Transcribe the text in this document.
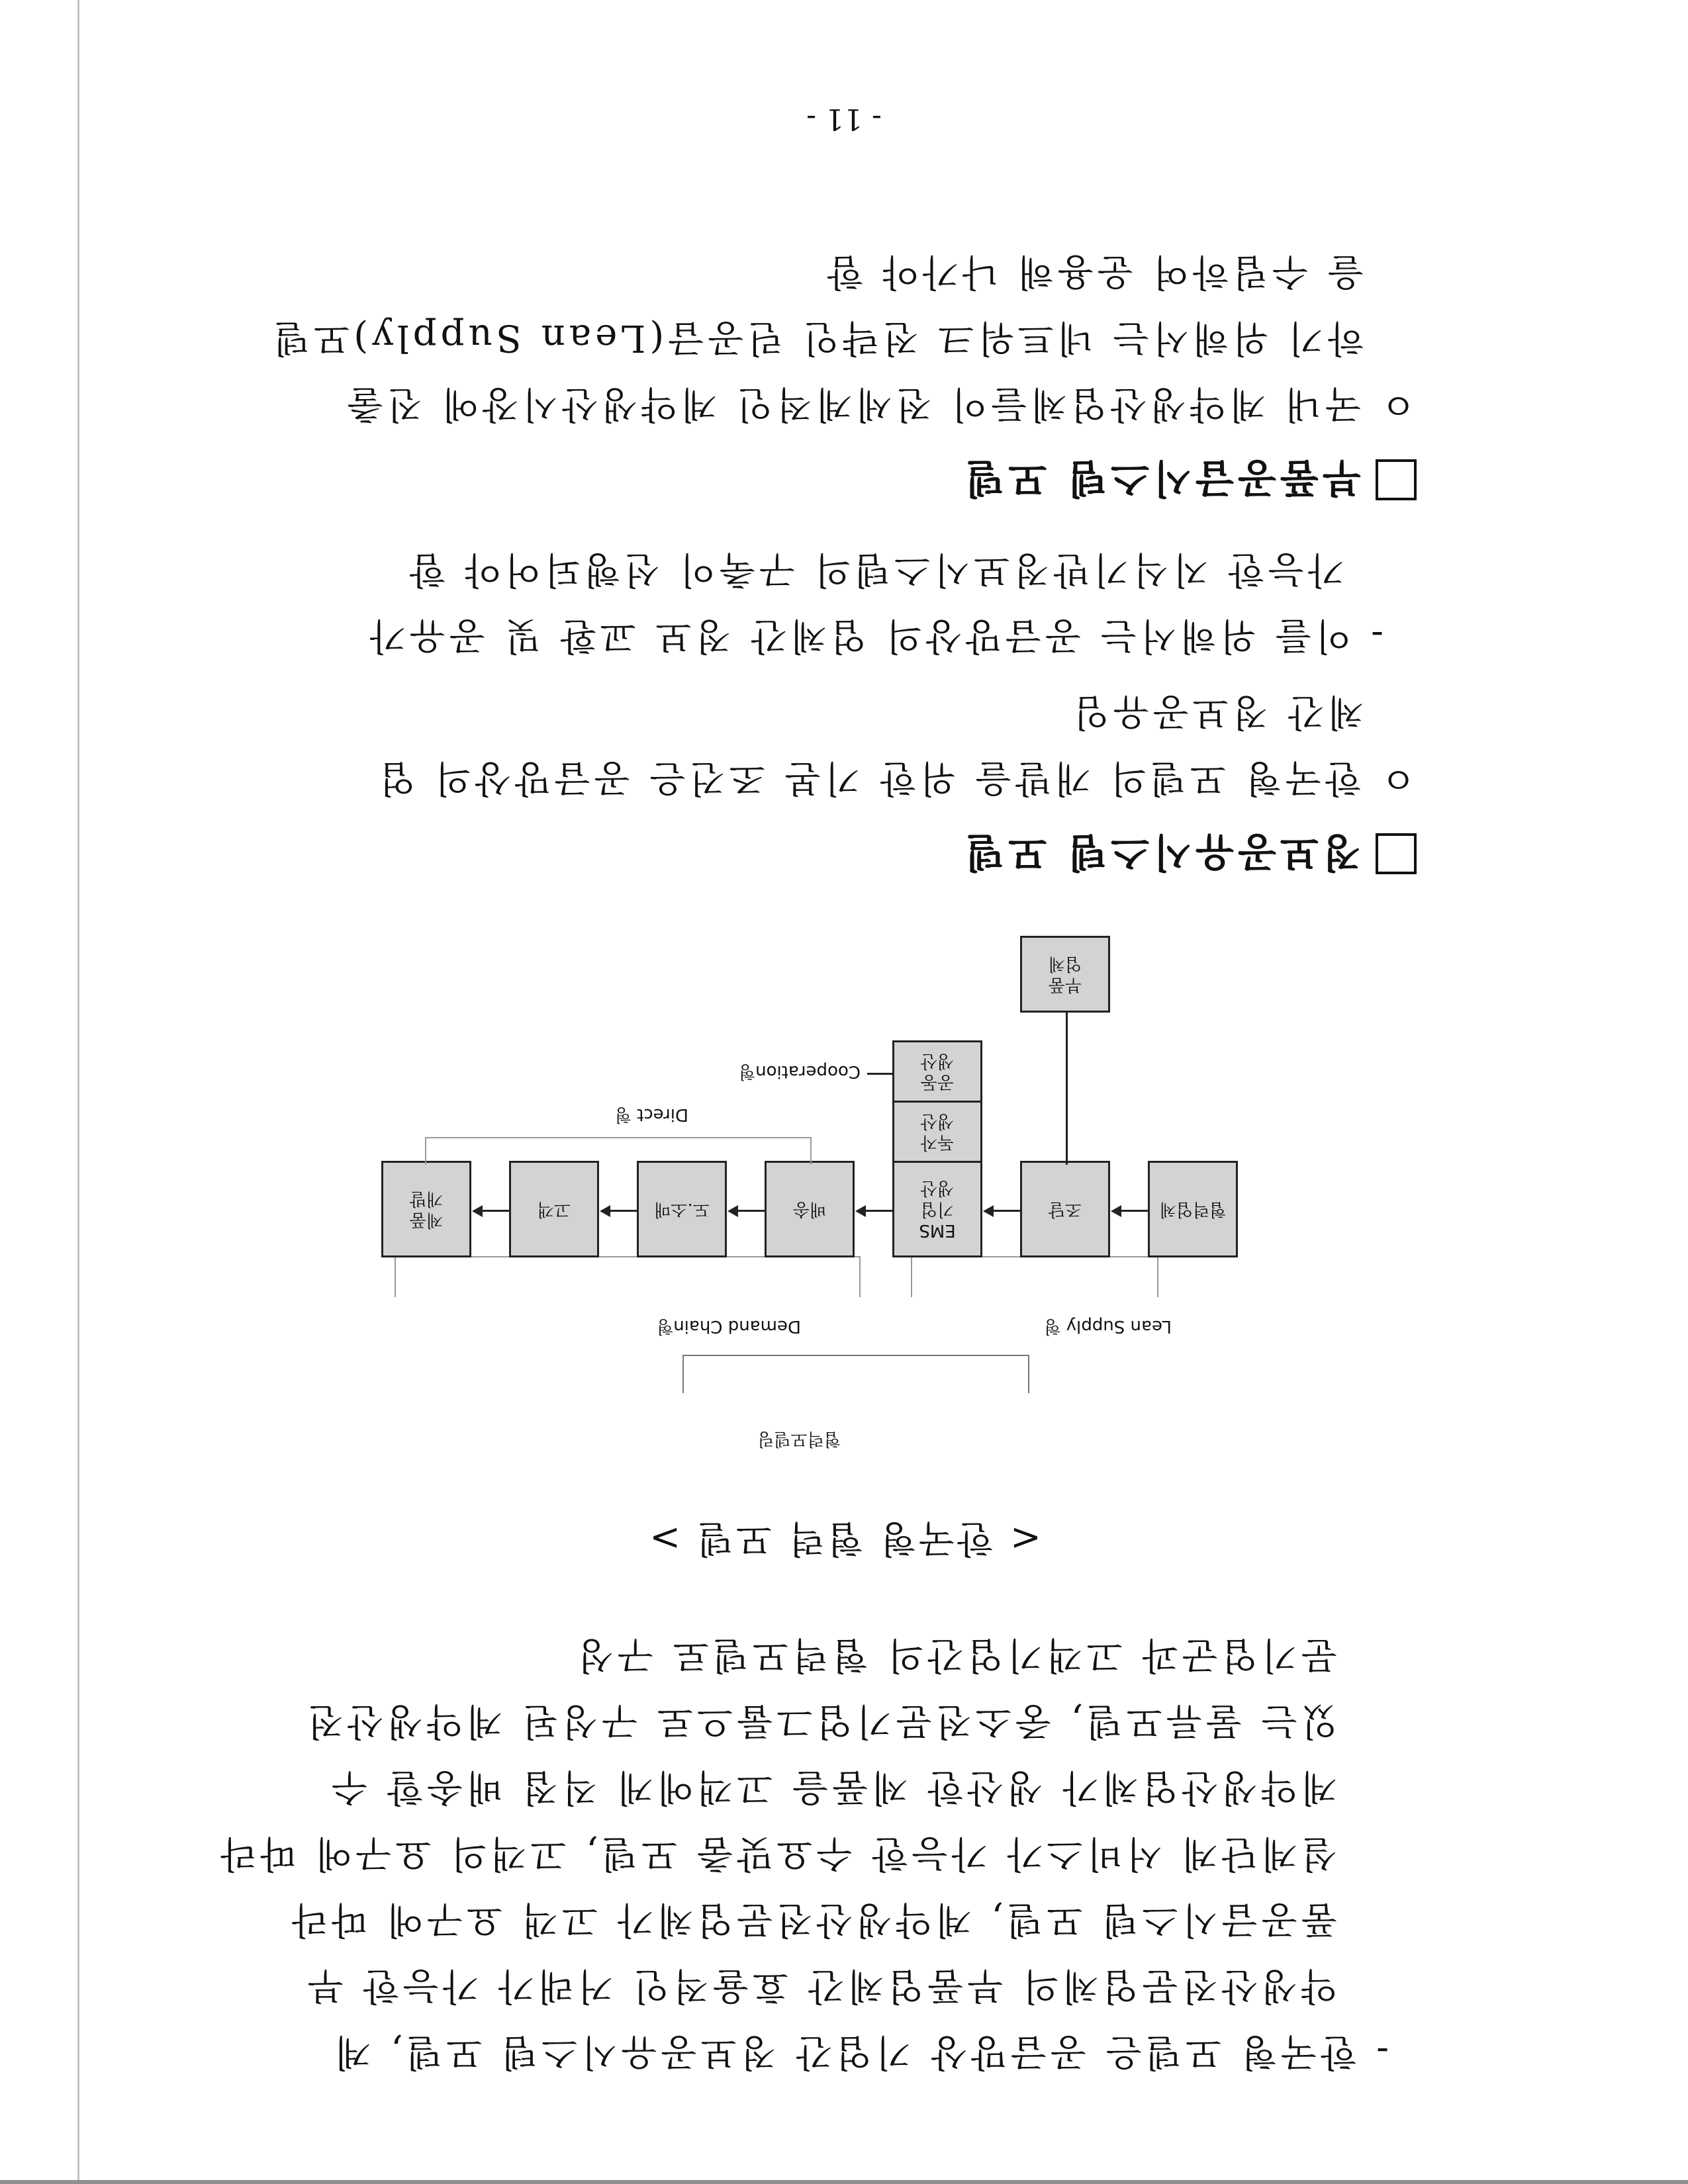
- 한국형 모델은 공급망상 기업간 정보공유시스템 모델, 계
약생산전문업체의 부품업체간 효율적인 거래가 가능한 부
품공급시스템 모델, 계약생산전문업체가 고객 요구에 따라
설계단계 서비스가 가능한 수요맞춤 모델, 고객의 요구에 따라
계약생산업체가 생산한 제품을 고객에게 직접 배송할 수
있는 물류모델, 중소전문기업그룹으로 구성된 계약생산전
문기업군과 고객기업간의 협력모델로 구성
< 한국형 협력 모델 >
협력모델링
Lean Supply 형
Demand Chain형
협력업체
조달
EMS
기업
생산
독자
생산
공동
생산
Cooperation형
배송
도.소매
고객
제품
개발
Direct 형
부품
업체
정보공유시스템 모델
ㅇ 한국형 모델의 개발을 위한 기본 조건은 공급망상의 업
체간 정보공유임
- 이를 위해서는 공급망상의 업체간 정보 교환 및 공유가
가능한 지식기반정보시스템의 구축이 선행되어야 함
부품공급시스템 모델
ㅇ 국내 계약생산업체들이 전세계적인 계약생산시장에 진출
하기 위해서는 네트워크 전략인 린공급(Lean Supply)모델
을 수립하여 운용해 나가야 함
- 11 -
